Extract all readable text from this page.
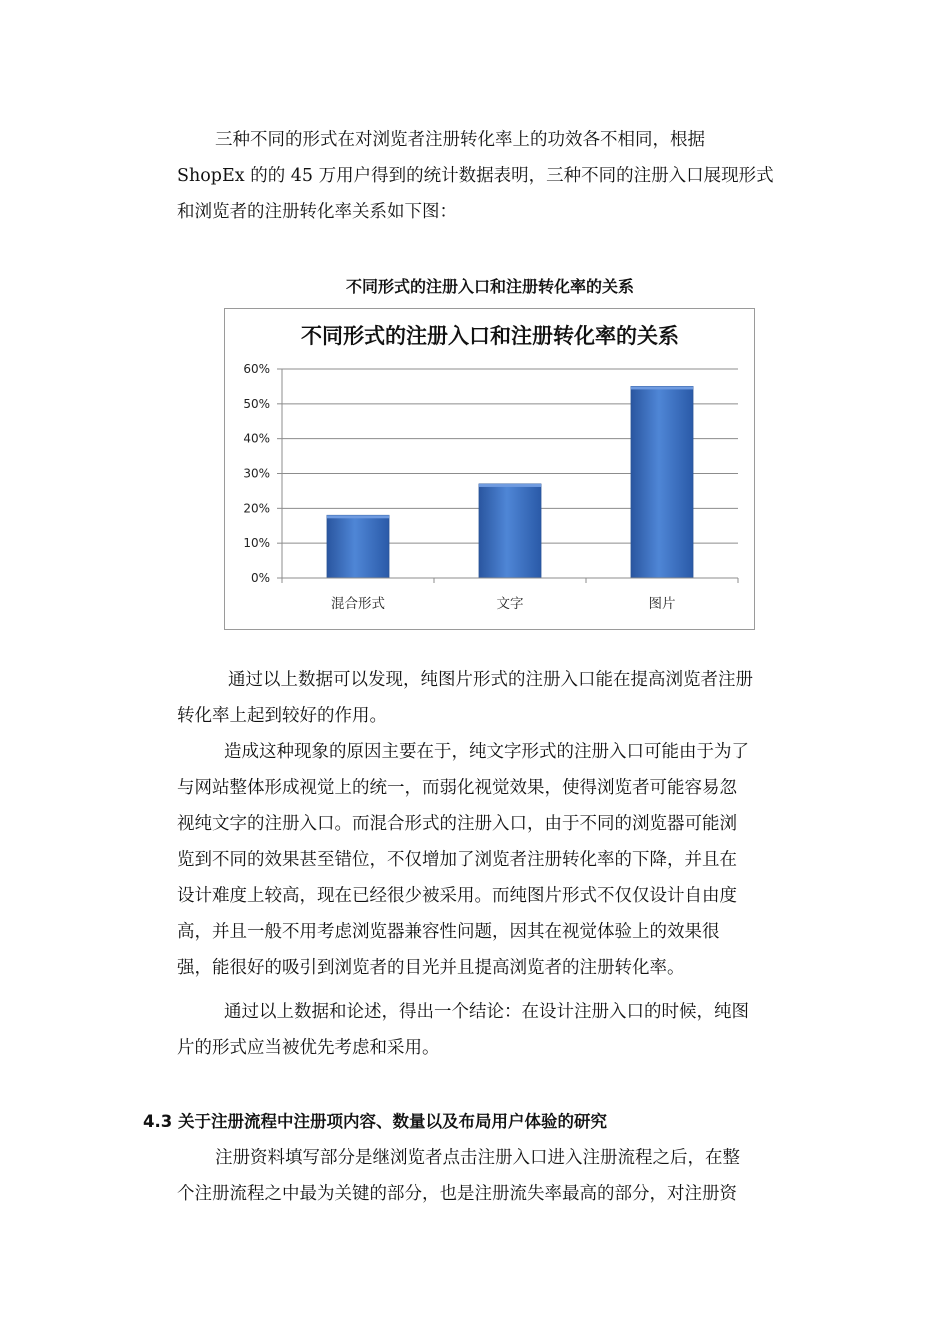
三种不同的形式在对浏览者注册转化率上的功效各不相同，根据
ShopEx 的的 45 万用户得到的统计数据表明，三种不同的注册入口展现形式
和浏览者的注册转化率关系如下图：
不同形式的注册入口和注册转化率的关系
不同形式的注册入口和注册转化率的关系
0%
10%
20%
30%
40%
50%
60%
混合形式	文字	图片
通过以上数据可以发现，纯图片形式的注册入口能在提高浏览者注册
转化率上起到较好的作用。
造成这种现象的原因主要在于，纯文字形式的注册入口可能由于为了
与网站整体形成视觉上的统一，而弱化视觉效果，使得浏览者可能容易忽
视纯文字的注册入口。而混合形式的注册入口，由于不同的浏览器可能浏
览到不同的效果甚至错位，不仅增加了浏览者注册转化率的下降，并且在
设计难度上较高，现在已经很少被采用。而纯图片形式不仅仅设计自由度
高，并且一般不用考虑浏览器兼容性问题，因其在视觉体验上的效果很
强，能很好的吸引到浏览者的目光并且提高浏览者的注册转化率。
通过以上数据和论述，得出一个结论：在设计注册入口的时候，纯图
片的形式应当被优先考虑和采用。
4.3 关于注册流程中注册项内容、数量以及布局用户体验的研究
注册资料填写部分是继浏览者点击注册入口进入注册流程之后，在整
个注册流程之中最为关键的部分，也是注册流失率最高的部分，对注册资
